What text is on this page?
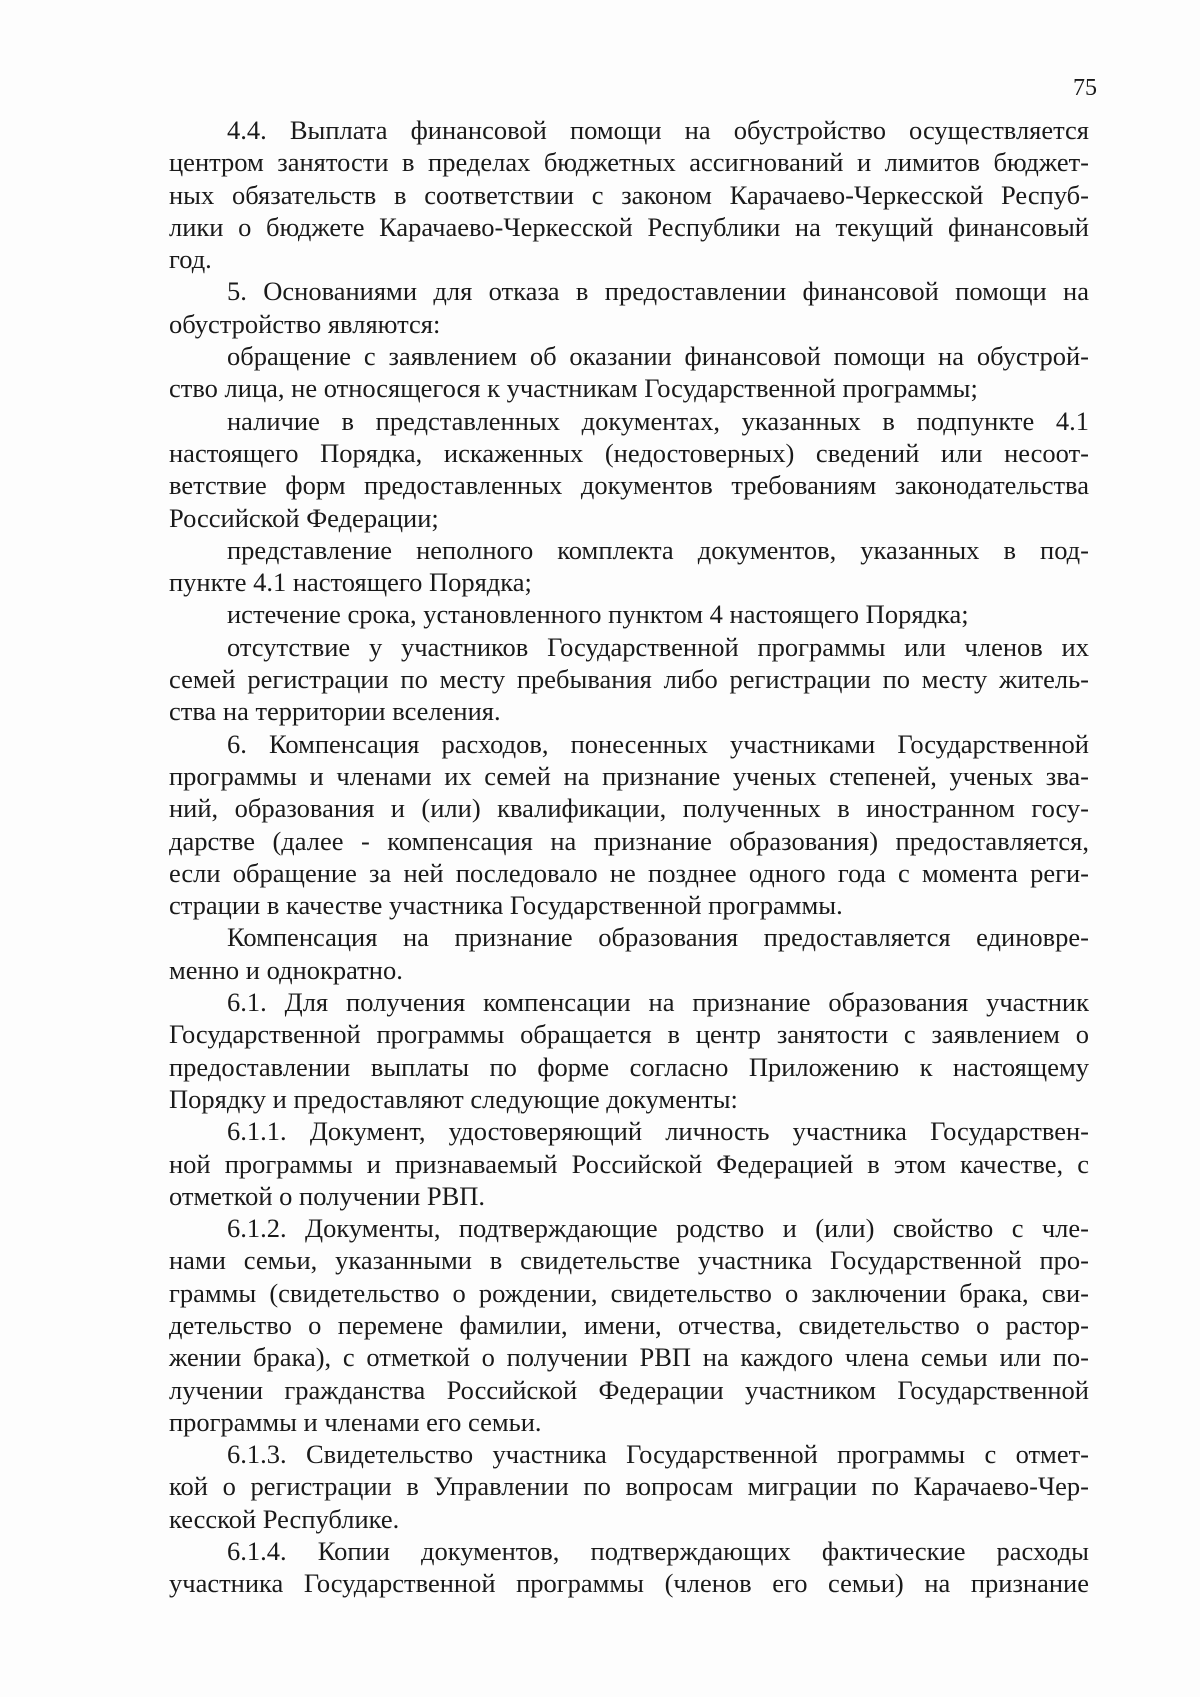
75
4.4. Выплата финансовой помощи на обустройство осуществляется
центром занятости в пределах бюджетных ассигнований и лимитов бюджет-
ных обязательств в соответствии с законом Карачаево-Черкесской Респуб-
лики о бюджете Карачаево-Черкесской Республики на текущий финансовый
год.
5. Основаниями для отказа в предоставлении финансовой помощи на
обустройство являются:
обращение с заявлением об оказании финансовой помощи на обустрой-
ство лица, не относящегося к участникам Государственной программы;
наличие в представленных документах, указанных в подпункте 4.1
настоящего Порядка, искаженных (недостоверных) сведений или несоот-
ветствие форм предоставленных документов требованиям законодательства
Российской Федерации;
представление неполного комплекта документов, указанных в под-
пункте 4.1 настоящего Порядка;
истечение срока, установленного пунктом 4 настоящего Порядка;
отсутствие у участников Государственной программы или членов их
семей регистрации по месту пребывания либо регистрации по месту житель-
ства на территории вселения.
6. Компенсация расходов, понесенных участниками Государственной
программы и членами их семей на признание ученых степеней, ученых зва-
ний, образования и (или) квалификации, полученных в иностранном госу-
дарстве (далее - компенсация на признание образования) предоставляется,
если обращение за ней последовало не позднее одного года с момента реги-
страции в качестве участника Государственной программы.
Компенсация на признание образования предоставляется единовре-
менно и однократно.
6.1. Для получения компенсации на признание образования участник
Государственной программы обращается в центр занятости с заявлением о
предоставлении выплаты по форме согласно Приложению к настоящему
Порядку и предоставляют следующие документы:
6.1.1. Документ, удостоверяющий личность участника Государствен-
ной программы и признаваемый Российской Федерацией в этом качестве, с
отметкой о получении РВП.
6.1.2. Документы, подтверждающие родство и (или) свойство с чле-
нами семьи, указанными в свидетельстве участника Государственной про-
граммы (свидетельство о рождении, свидетельство о заключении брака, сви-
детельство о перемене фамилии, имени, отчества, свидетельство о растор-
жении брака), с отметкой о получении РВП на каждого члена семьи или по-
лучении гражданства Российской Федерации участником Государственной
программы и членами его семьи.
6.1.3. Свидетельство участника Государственной программы с отмет-
кой о регистрации в Управлении по вопросам миграции по Карачаево-Чер-
кесской Республике.
6.1.4. Копии документов, подтверждающих фактические расходы
участника Государственной программы (членов его семьи) на признание
